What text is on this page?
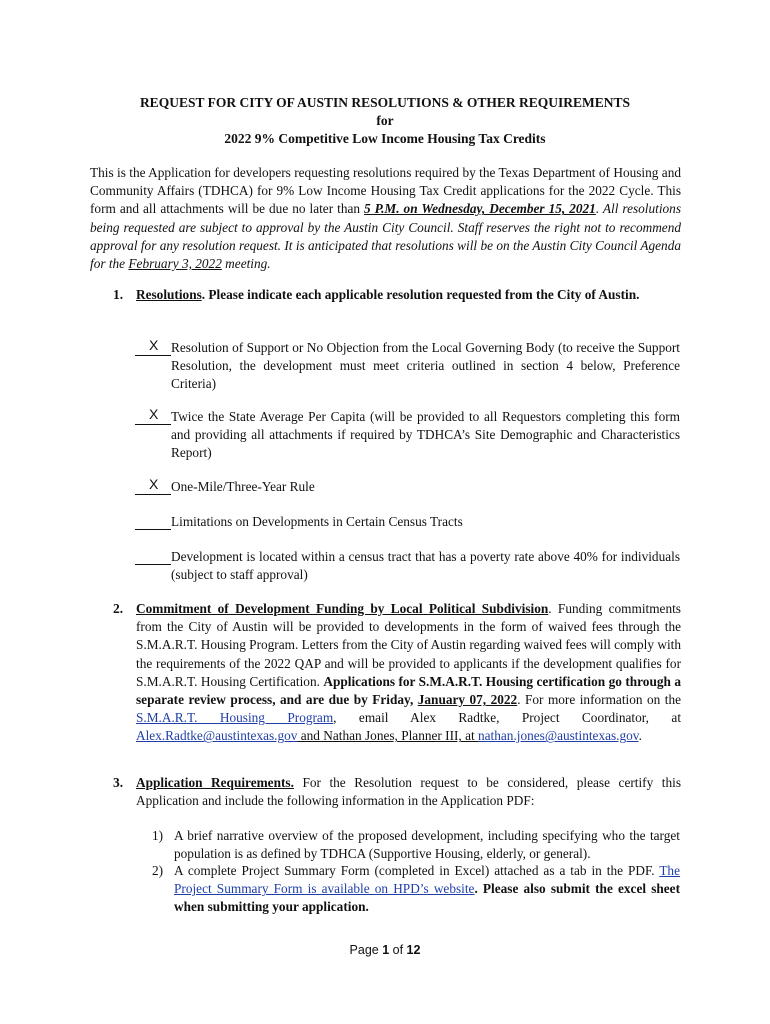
REQUEST FOR CITY OF AUSTIN RESOLUTIONS & OTHER REQUIREMENTS
for
2022 9% Competitive Low Income Housing Tax Credits
This is the Application for developers requesting resolutions required by the Texas Department of Housing and Community Affairs (TDHCA) for 9% Low Income Housing Tax Credit applications for the 2022 Cycle. This form and all attachments will be due no later than 5 P.M. on Wednesday, December 15, 2021. All resolutions being requested are subject to approval by the Austin City Council. Staff reserves the right not to recommend approval for any resolution request. It is anticipated that resolutions will be on the Austin City Council Agenda for the February 3, 2022 meeting.
1. Resolutions. Please indicate each applicable resolution requested from the City of Austin.
X Resolution of Support or No Objection from the Local Governing Body (to receive the Support Resolution, the development must meet criteria outlined in section 4 below, Preference Criteria)
X Twice the State Average Per Capita (will be provided to all Requestors completing this form and providing all attachments if required by TDHCA’s Site Demographic and Characteristics Report)
X One-Mile/Three-Year Rule
Limitations on Developments in Certain Census Tracts
Development is located within a census tract that has a poverty rate above 40% for individuals (subject to staff approval)
2. Commitment of Development Funding by Local Political Subdivision. Funding commitments from the City of Austin will be provided to developments in the form of waived fees through the S.M.A.R.T. Housing Program. Letters from the City of Austin regarding waived fees will comply with the requirements of the 2022 QAP and will be provided to applicants if the development qualifies for S.M.A.R.T. Housing Certification. Applications for S.M.A.R.T. Housing certification go through a separate review process, and are due by Friday, January 07, 2022. For more information on the S.M.A.R.T. Housing Program, email Alex Radtke, Project Coordinator, at Alex.Radtke@austintexas.gov and Nathan Jones, Planner III, at nathan.jones@austintexas.gov.
3. Application Requirements. For the Resolution request to be considered, please certify this Application and include the following information in the Application PDF:
1) A brief narrative overview of the proposed development, including specifying who the target population is as defined by TDHCA (Supportive Housing, elderly, or general).
2) A complete Project Summary Form (completed in Excel) attached as a tab in the PDF. The Project Summary Form is available on HPD’s website. Please also submit the excel sheet when submitting your application.
Page 1 of 12
